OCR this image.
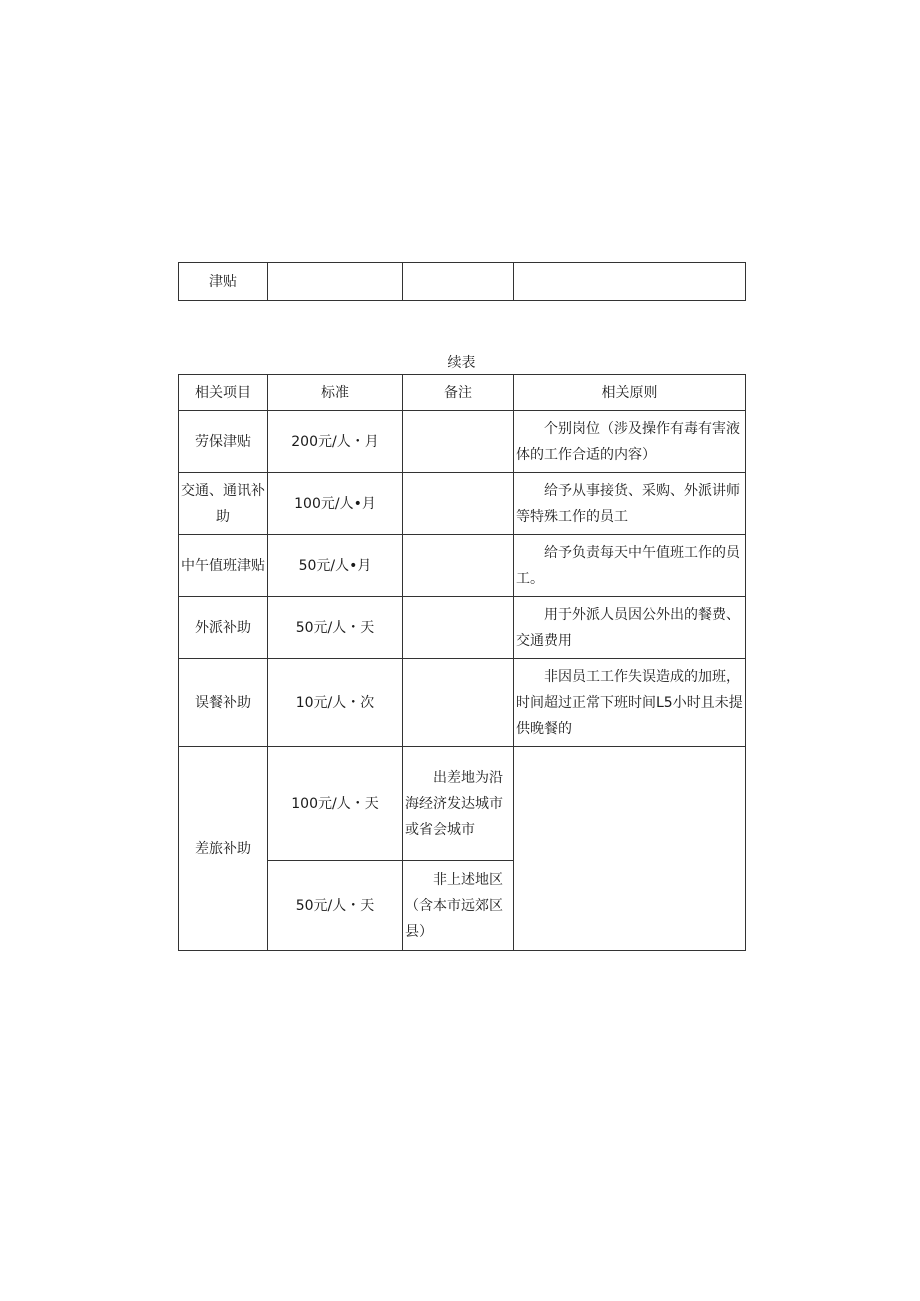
津贴			
续表
相关项目	标准	备注	相关原则
劳保津贴	200元/人・月		个别岗位（涉及操作有毒有害液体的工作合适的内容）
交通、通讯补助	100元/人•月		给予从事接货、采购、外派讲师等特殊工作的员工
中午值班津贴	50元/人•月		给予负责每天中午值班工作的员工。
外派补助	50元/人・天		用于外派人员因公外出的餐费、交通费用
误餐补助	10元/人・次		非因员工工作失误造成的加班，时间超过正常下班时间L5小时且未提供晚餐的
差旅补助	100元/人・天	出差地为沿海经济发达城市或省会城市	
	50元/人・天	非上述地区（含本市远郊区县）	
